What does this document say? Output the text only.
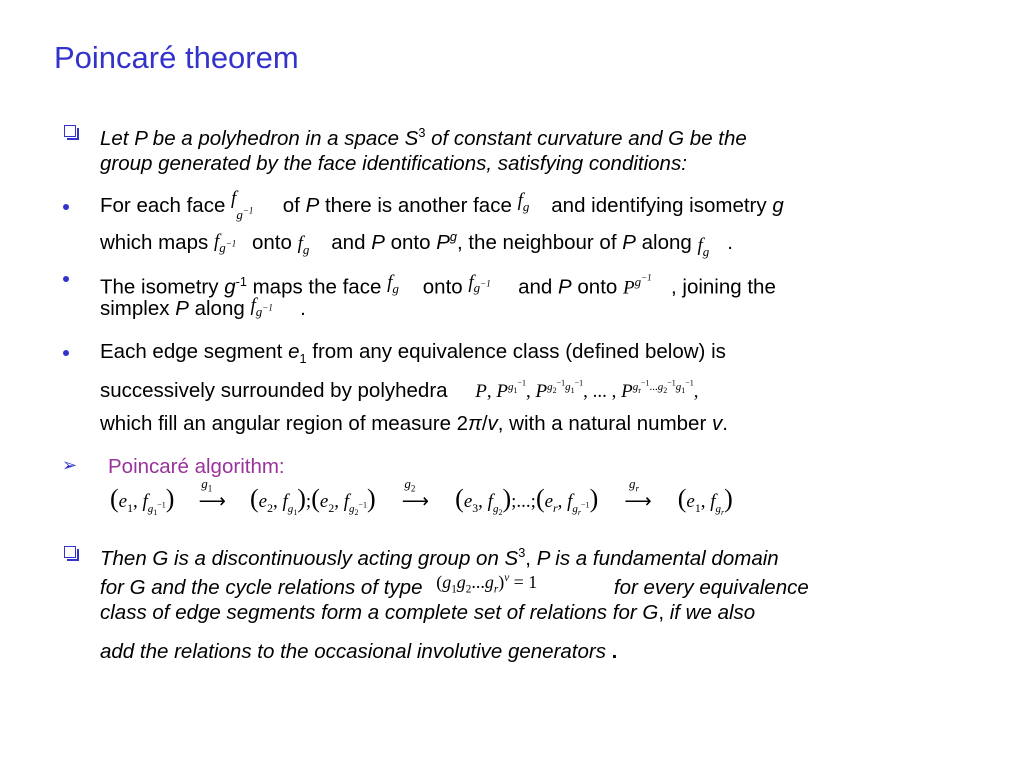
Poincaré theorem
Let P be a polyhedron in a space $S^3$ of constant curvature and G be the
group generated by the face identifications, satisfying conditions:
For each face $f_{g^{-1}}$ of P there is another face $f_g$ and identifying isometry g
which maps $f_{g^{-1}}$ onto $f_g$ and P onto $P^g$, the neighbour of P along $f_g$ .
The isometry $g^{-1}$ maps the face $f_g$ onto $f_{g^{-1}}$ and P onto $P^{g^{-1}}$ , joining the
simplex P along $f_{g^{-1}}$ .
Each edge segment $e_1$ from any equivalence class (defined below) is
successively surrounded by polyhedra P, $P^{g_1^{-1}}$, $P^{g_2^{-1}g_1^{-1}}$, ... , $P^{g_r^{-1}...g_2^{-1}g_1^{-1}}$,
which fill an angular region of measure 2π/v, with a natural number v.
➢ Poincaré algorithm:
($e_1$, $f_{g_1^{-1}}$)
$g_1$
⟶ ($e_2$, $f_{g_1});(e_2$, $f_{g_2^{-1}}$)
$g_2$
⟶ ($e_3$, $f_{g_2});...;(e_r$, $f_{g_r^{-1}}$)
$g_r$
⟶ ($e_1$, $f_{g_r}$)
Then G is a discontinuously acting group on $S^3$, P is a fundamental domain
for G and the cycle relations of type $(g_1g_2...g_r)^v = 1$	for every equivalence
class of edge segments form a complete set of relations for G, if we also
add the relations to the occasional involutive generators .
